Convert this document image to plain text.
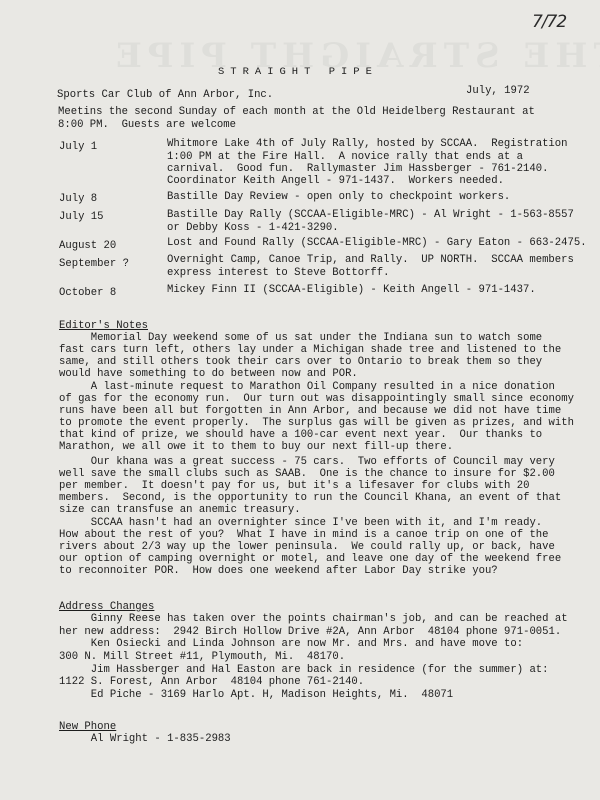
7/72
STRAIGHT PIPE
Sports Car Club of Ann Arbor, Inc.	July, 1972
Meetins the second Sunday of each month at the Old Heidelberg Restaurant at
8:00 PM.  Guests are welcome
July 1	Whitmore Lake 4th of July Rally, hosted by SCCAA.  Registration
1:00 PM at the Fire Hall.  A novice rally that ends at a
carnival.  Good fun.  Rallymaster Jim Hassberger - 761-2140.
Coordinator Keith Angell - 971-1437.  Workers needed.
July 8	Bastille Day Review - open only to checkpoint workers.
July 15	Bastille Day Rally (SCCAA-Eligible-MRC) - Al Wright - 1-563-8557
or Debby Koss - 1-421-3290.
August 20	Lost and Found Rally (SCCAA-Eligible-MRC) - Gary Eaton - 663-2475.
September ?	Overnight Camp, Canoe Trip, and Rally.  UP NORTH.  SCCAA members
express interest to Steve Bottorff.
October 8	Mickey Finn II (SCCAA-Eligible) - Keith Angell - 971-1437.
Editor's Notes
Memorial Day weekend some of us sat under the Indiana sun to watch some
fast cars turn left, others lay under a Michigan shade tree and listened to the
same, and still others took their cars over to Ontario to break them so they
would have something to do between now and POR.
A last-minute request to Marathon Oil Company resulted in a nice donation
of gas for the economy run.  Our turn out was disappointingly small since economy
runs have been all but forgotten in Ann Arbor, and because we did not have time
to promote the event properly.  The surplus gas will be given as prizes, and with
that kind of prize, we should have a 100-car event next year.  Our thanks to
Marathon, we all owe it to them to buy our next fill-up there.
Our khana was a great success - 75 cars.  Two efforts of Council may very
well save the small clubs such as SAAB.  One is the chance to insure for $2.00
per member.  It doesn't pay for us, but it's a lifesaver for clubs with 20
members.  Second, is the opportunity to run the Council Khana, an event of that
size can transfuse an anemic treasury.
SCCAA hasn't had an overnighter since I've been with it, and I'm ready.
How about the rest of you?  What I have in mind is a canoe trip on one of the
rivers about 2/3 way up the lower peninsula.  We could rally up, or back, have
our option of camping overnight or motel, and leave one day of the weekend free
to reconnoiter POR.  How does one weekend after Labor Day strike you?
Address Changes
Ginny Reese has taken over the points chairman's job, and can be reached at
her new address:  2942 Birch Hollow Drive #2A, Ann Arbor  48104 phone 971-0051.
Ken Osiecki and Linda Johnson are now Mr. and Mrs. and have move to:
300 N. Mill Street #11, Plymouth, Mi.  48170.
Jim Hassberger and Hal Easton are back in residence (for the summer) at:
1122 S. Forest, Ann Arbor  48104 phone 761-2140.
Ed Piche - 3169 Harlo Apt. H, Madison Heights, Mi.  48071
New Phone
Al Wright - 1-835-2983
